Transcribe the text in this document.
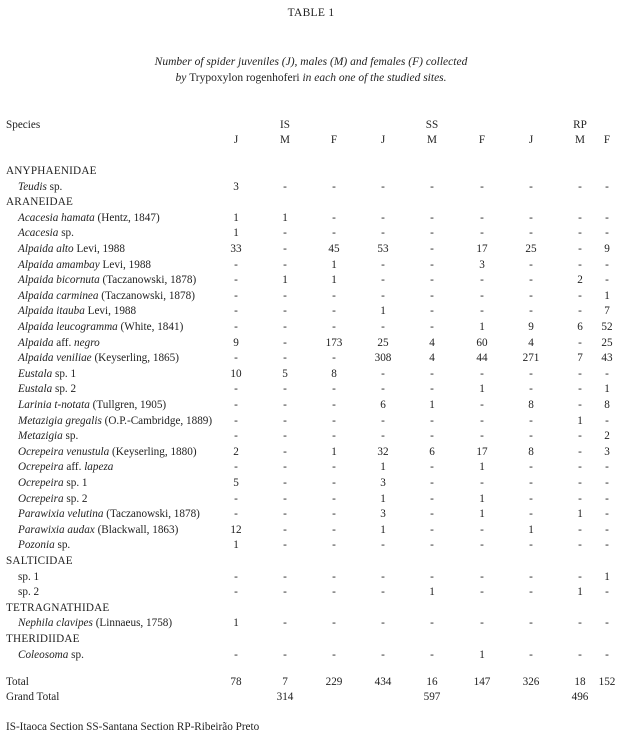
TABLE 1
Number of spider juveniles (J), males (M) and females (F) collected
by Trypoxylon rogenhoferi in each one of the studied sites.
Species	IS	SS	RP
J	M	F	J	M	F	J	M	F
ANYPHAENIDAE
Teudis sp.	3	-	-	-	-	-	-	-	-
ARANEIDAE
Acacesia hamata (Hentz, 1847)	1	1	-	-	-	-	-	-	-
Acacesia sp.	1	-	-	-	-	-	-	-	-
Alpaida alto Levi, 1988	33	-	45	53	-	17	25	-	9
Alpaida amambay Levi, 1988	-	-	1	-	-	3	-	-	-
Alpaida bicornuta (Taczanowski, 1878)	-	1	1	-	-	-	-	2	-
Alpaida carminea (Taczanowski, 1878)	-	-	-	-	-	-	-	-	1
Alpaida itauba Levi, 1988	-	-	-	1	-	-	-	-	7
Alpaida leucogramma (White, 1841)	-	-	-	-	-	1	9	6	52
Alpaida aff. negro	9	-	173	25	4	60	4	-	25
Alpaida veniliae (Keyserling, 1865)	-	-	-	308	4	44	271	7	43
Eustala sp. 1	10	5	8	-	-	-	-	-	-
Eustala sp. 2	-	-	-	-	-	1	-	-	1
Larinia t-notata (Tullgren, 1905)	-	-	-	6	1	-	8	-	8
Metazigia gregalis (O.P.-Cambridge, 1889)	-	-	-	-	-	-	-	1	-
Metazigia sp.	-	-	-	-	-	-	-	-	2
Ocrepeira venustula (Keyserling, 1880)	2	-	1	32	6	17	8	-	3
Ocrepeira aff. lapeza	-	-	-	1	-	1	-	-	-
Ocrepeira sp. 1	5	-	-	3	-	-	-	-	-
Ocrepeira sp. 2	-	-	-	1	-	1	-	-	-
Parawixia velutina (Taczanowski, 1878)	-	-	-	3	-	1	-	1	-
Parawixia audax (Blackwall, 1863)	12	-	-	1	-	-	1	-	-
Pozonia sp.	1	-	-	-	-	-	-	-	-
SALTICIDAE
sp. 1	-	-	-	-	-	-	-	-	1
sp. 2	-	-	-	-	1	-	-	1	-
TETRAGNATHIDAE
Nephila clavipes (Linnaeus, 1758)	1	-	-	-	-	-	-	-	-
THERIDIIDAE
Coleosoma sp.	-	-	-	-	-	1	-	-	-
Total	78	7	229	434	16	147	326	18	152
Grand Total	314	597	496
IS-Itaoca Section SS-Santana Section RP-Ribeirão Preto
